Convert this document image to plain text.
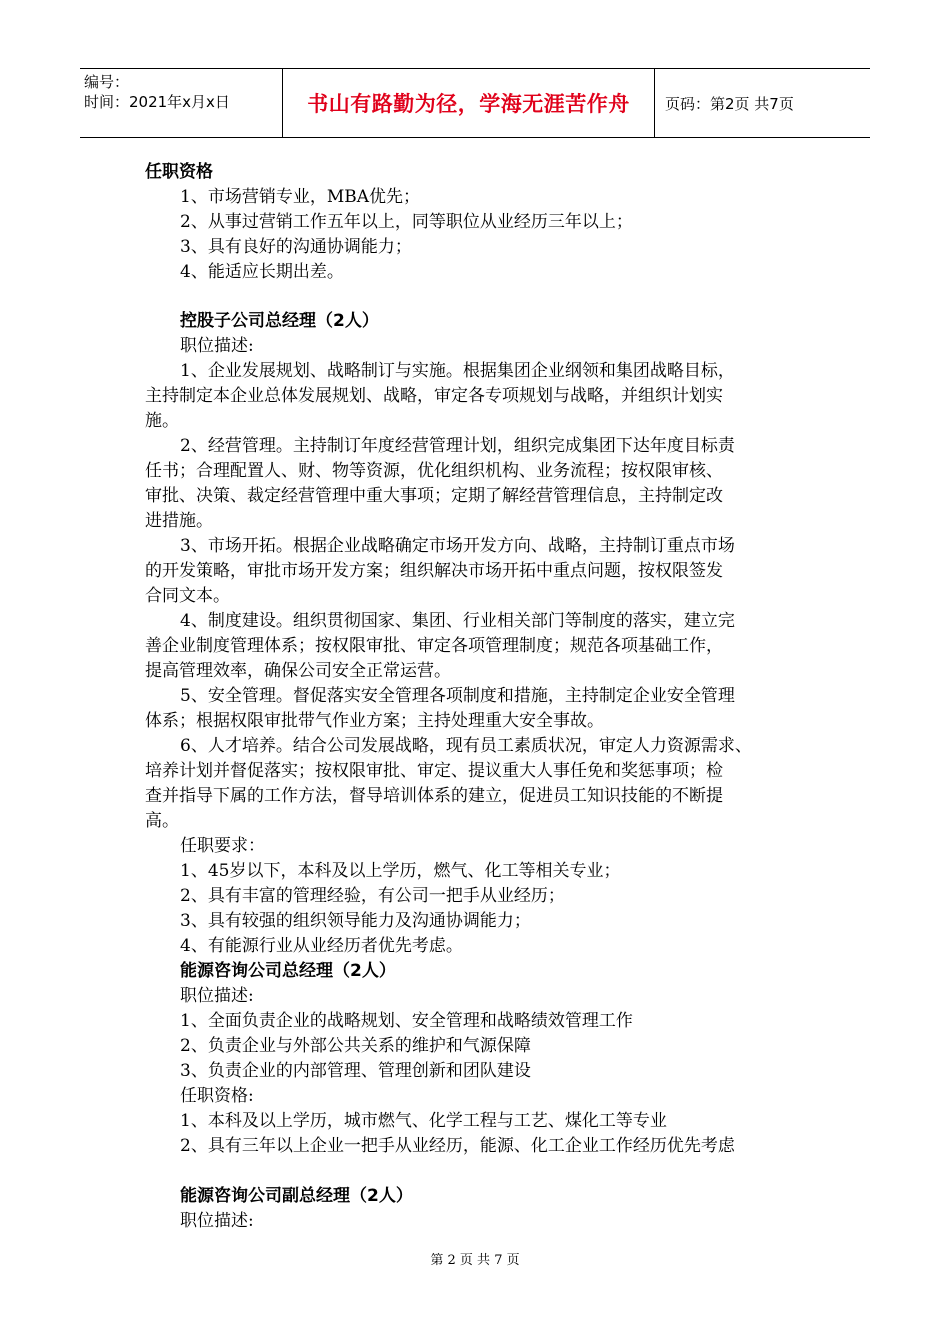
编号：
时间：2021年x月x日	书山有路勤为径，学海无涯苦作舟 页码：第2页 共7页
任职资格
1、市场营销专业，MBA优先；
2、从事过营销工作五年以上，同等职位从业经历三年以上；
3、具有良好的沟通协调能力；
4、能适应长期出差。
控股子公司总经理（2人）
职位描述:
1、企业发展规划、战略制订与实施。根据集团企业纲领和集团战略目标，
主持制定本企业总体发展规划、战略，审定各专项规划与战略，并组织计划实
施。
2、经营管理。主持制订年度经营管理计划，组织完成集团下达年度目标责
任书；合理配置人、财、物等资源，优化组织机构、业务流程；按权限审核、
审批、决策、裁定经营管理中重大事项；定期了解经营管理信息，主持制定改
进措施。
3、市场开拓。根据企业战略确定市场开发方向、战略，主持制订重点市场
的开发策略，审批市场开发方案；组织解决市场开拓中重点问题，按权限签发
合同文本。
4、制度建设。组织贯彻国家、集团、行业相关部门等制度的落实，建立完
善企业制度管理体系；按权限审批、审定各项管理制度；规范各项基础工作，
提高管理效率，确保公司安全正常运营。
5、安全管理。督促落实安全管理各项制度和措施，主持制定企业安全管理
体系；根据权限审批带气作业方案；主持处理重大安全事故。
6、人才培养。结合公司发展战略，现有员工素质状况，审定人力资源需求、
培养计划并督促落实；按权限审批、审定、提议重大人事任免和奖惩事项；检
查并指导下属的工作方法，督导培训体系的建立，促进员工知识技能的不断提
高。
任职要求：
1、45岁以下，本科及以上学历，燃气、化工等相关专业；
2、具有丰富的管理经验，有公司一把手从业经历；
3、具有较强的组织领导能力及沟通协调能力；
4、有能源行业从业经历者优先考虑。
能源咨询公司总经理（2人）
职位描述:
1、全面负责企业的战略规划、安全管理和战略绩效管理工作
2、负责企业与外部公共关系的维护和气源保障
3、负责企业的内部管理、管理创新和团队建设
任职资格:
1、本科及以上学历，城市燃气、化学工程与工艺、煤化工等专业
2、具有三年以上企业一把手从业经历，能源、化工企业工作经历优先考虑
能源咨询公司副总经理（2人）
职位描述:
第 2 页 共 7 页
